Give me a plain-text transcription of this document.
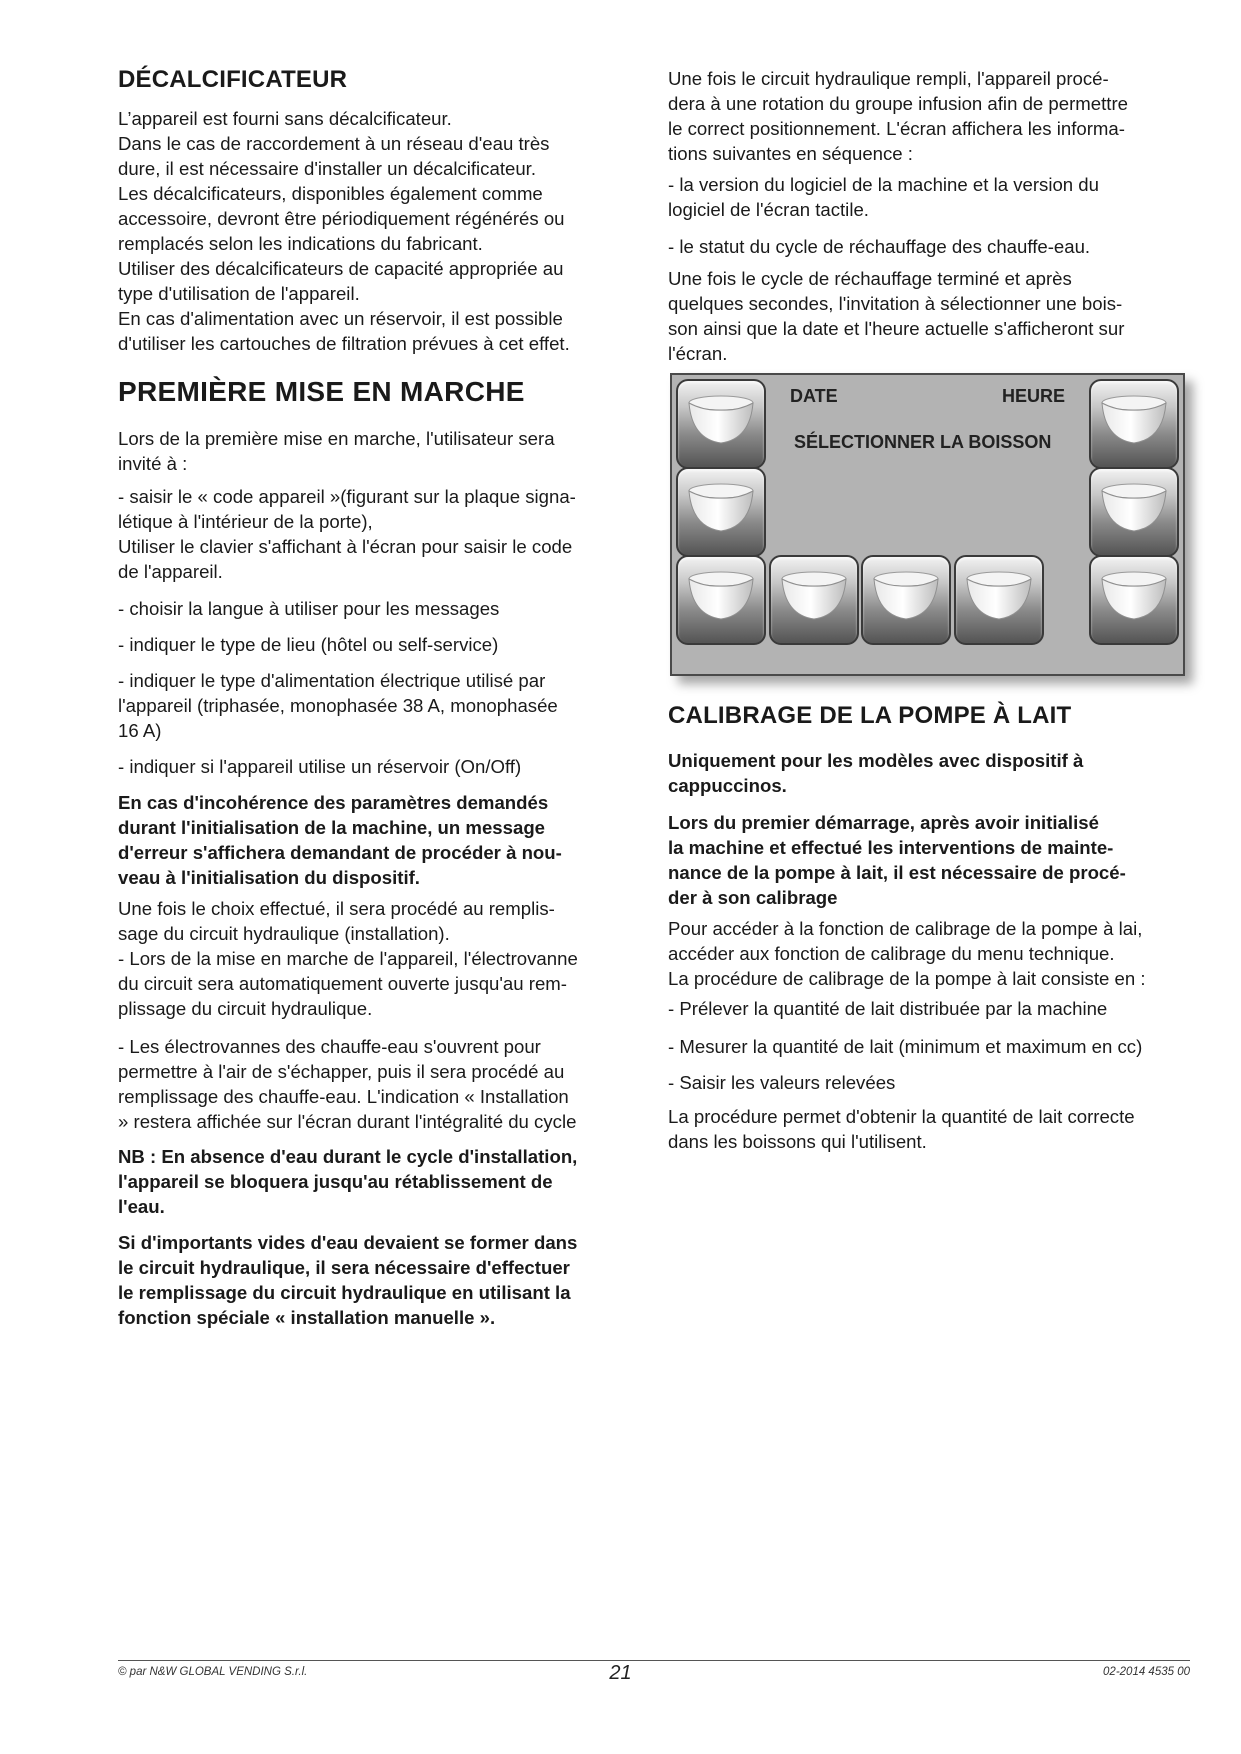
DÉCALCIFICATEUR
L’appareil est fourni sans décalcificateur.
Dans le cas de raccordement à un réseau d'eau très
dure, il est nécessaire d'installer un décalcificateur.
Les décalcificateurs, disponibles également comme
accessoire, devront être périodiquement régénérés ou
remplacés selon les indications du fabricant.
Utiliser des décalcificateurs de capacité appropriée au
type d'utilisation de l'appareil.
En cas d'alimentation avec un réservoir, il est possible
d'utiliser les cartouches de filtration prévues à cet effet.
PREMIÈRE MISE EN MARCHE
Lors de la première mise en marche, l'utilisateur sera
invité à :
- saisir le « code appareil »(figurant sur la plaque signa-
létique à l'intérieur de la porte),
Utiliser le clavier s'affichant à l'écran pour saisir le code
de l'appareil.
- choisir la langue à utiliser pour les messages
- indiquer le type de lieu (hôtel ou self-service)
- indiquer le type d'alimentation électrique utilisé par
l'appareil (triphasée, monophasée 38 A, monophasée
16 A)
- indiquer si l'appareil utilise un réservoir (On/Off)
En cas d'incohérence des paramètres demandés
durant l'initialisation de la machine, un message
d'erreur s'affichera demandant de procéder à nou-
veau à l'initialisation du dispositif.
Une fois le choix effectué, il sera procédé au remplis-
sage du circuit hydraulique (installation).
- Lors de la mise en marche de l'appareil, l'électrovanne
du circuit sera automatiquement ouverte jusqu'au rem-
plissage du circuit hydraulique.
- Les électrovannes des chauffe-eau s'ouvrent pour
permettre à l'air de s'échapper, puis il sera procédé au
remplissage des chauffe-eau. L'indication « Installation
» restera affichée sur l'écran durant l'intégralité du cycle
NB : En absence d'eau durant le cycle d'installation,
l'appareil se bloquera jusqu'au rétablissement de
l'eau.
Si d'importants vides d'eau devaient se former dans
le circuit hydraulique, il sera nécessaire d'effectuer
le remplissage du circuit hydraulique en utilisant la
fonction spéciale « installation manuelle ».
Une fois le circuit hydraulique rempli, l'appareil procé-
dera à une rotation du groupe infusion afin de permettre
le correct positionnement. L'écran affichera les informa-
tions suivantes en séquence :
- la version du logiciel de la machine et la version du
logiciel de l'écran tactile.
- le statut du cycle de réchauffage des chauffe-eau.
Une fois le cycle de réchauffage terminé et après
quelques secondes, l'invitation à sélectionner une bois-
son ainsi que la date et l'heure actuelle s'afficheront sur
l'écran.
DATE	HEURE
SÉLECTIONNER LA BOISSON
CALIBRAGE DE LA POMPE À LAIT
Uniquement pour les modèles avec dispositif à
cappuccinos.
Lors du premier démarrage, après avoir initialisé
la machine et effectué les interventions de mainte-
nance de la pompe à lait, il est nécessaire de procé-
der à son calibrage
Pour accéder à la fonction de calibrage de la pompe à lai,
accéder aux fonction de calibrage du menu technique.
La procédure de calibrage de la pompe à lait consiste en :
- Prélever la quantité de lait distribuée par la machine
- Mesurer la quantité de lait (minimum et maximum en cc)
- Saisir les valeurs relevées
La procédure permet d'obtenir la quantité de lait correcte
dans les boissons qui l'utilisent.
© par N&W GLOBAL VENDING S.r.l.	21	02-2014 4535 00
